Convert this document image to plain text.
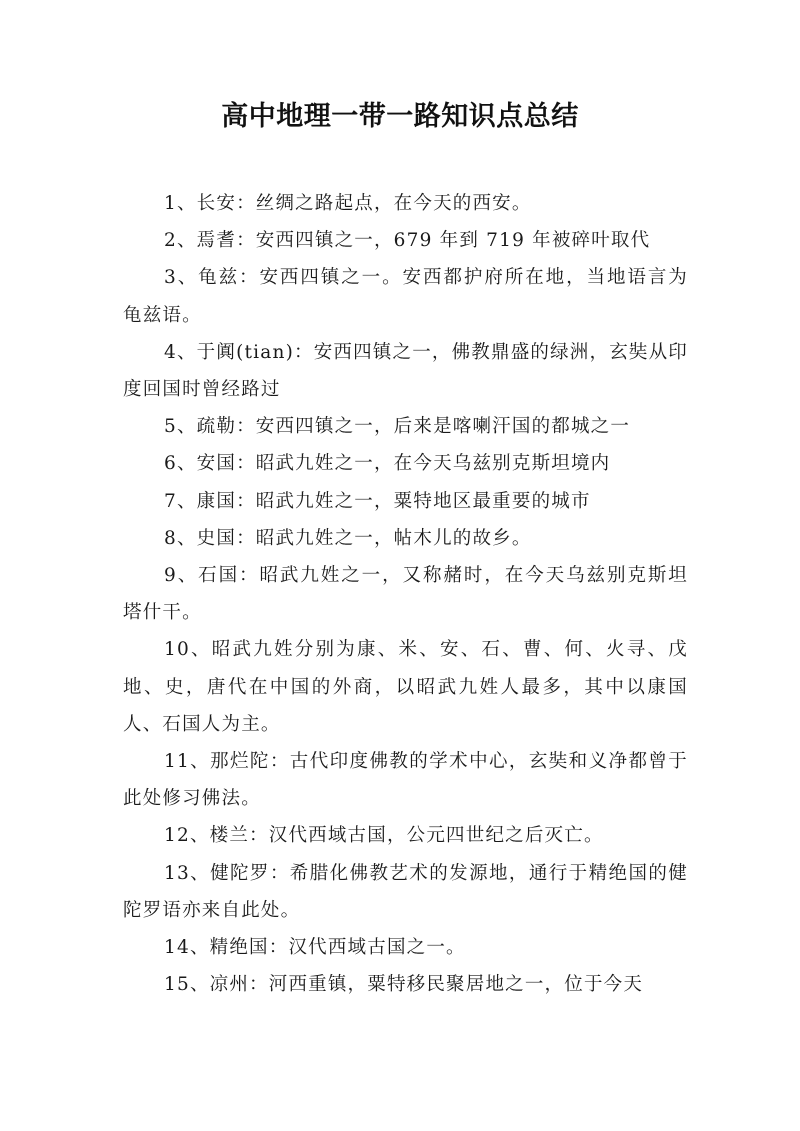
高中地理一带一路知识点总结

1、长安：丝绸之路起点，在今天的西安。

2、焉耆：安西四镇之一，679 年到 719 年被碎叶取代

3、龟兹：安西四镇之一。安西都护府所在地，当地语言为龟兹语。

4、于阗(tian)：安西四镇之一，佛教鼎盛的绿洲，玄奘从印度回国时曾经路过

5、疏勒：安西四镇之一，后来是喀喇汗国的都城之一

6、安国：昭武九姓之一，在今天乌兹别克斯坦境内

7、康国：昭武九姓之一，粟特地区最重要的城市

8、史国：昭武九姓之一，帖木儿的故乡。

9、石国：昭武九姓之一，又称赭时，在今天乌兹别克斯坦塔什干。

10、昭武九姓分别为康、米、安、石、曹、何、火寻、戊地、史，唐代在中国的外商，以昭武九姓人最多，其中以康国人、石国人为主。

11、那烂陀：古代印度佛教的学术中心，玄奘和义净都曾于此处修习佛法。

12、楼兰：汉代西域古国，公元四世纪之后灭亡。

13、健陀罗：希腊化佛教艺术的发源地，通行于精绝国的健陀罗语亦来自此处。

14、精绝国：汉代西域古国之一。

15、凉州：河西重镇，粟特移民聚居地之一，位于今天
